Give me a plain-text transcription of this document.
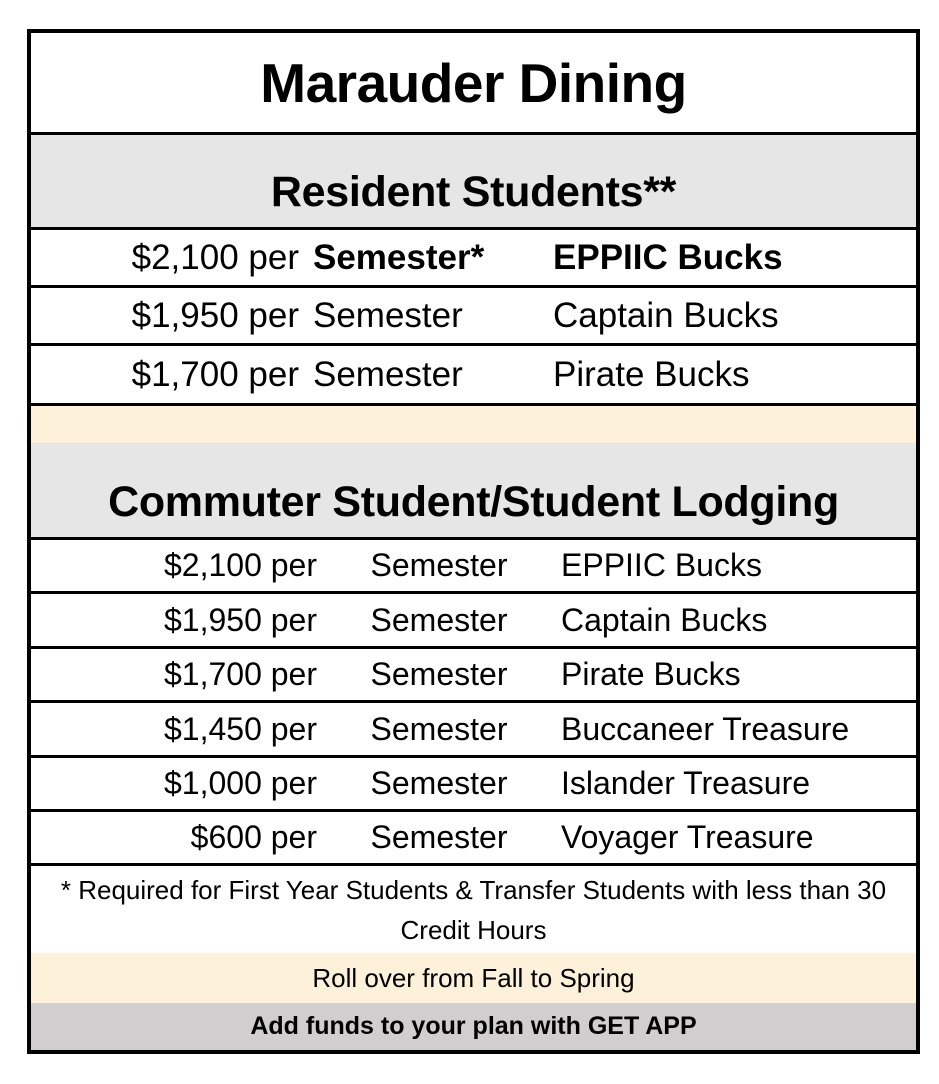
Marauder Dining
Resident Students**
$2,100 per Semester*	EPPIIC Bucks
$1,950 per Semester	Captain Bucks
$1,700 per Semester	Pirate Bucks
Commuter Student/Student Lodging
$2,100 per	Semester	EPPIIC Bucks
$1,950 per	Semester	Captain Bucks
$1,700 per	Semester	Pirate Bucks
$1,450 per	Semester	Buccaneer Treasure
$1,000 per	Semester	Islander Treasure
$600 per	Semester	Voyager Treasure
* Required for First Year Students & Transfer Students with less than 30 Credit Hours
Roll over from Fall to Spring
Add funds to your plan with GET APP
